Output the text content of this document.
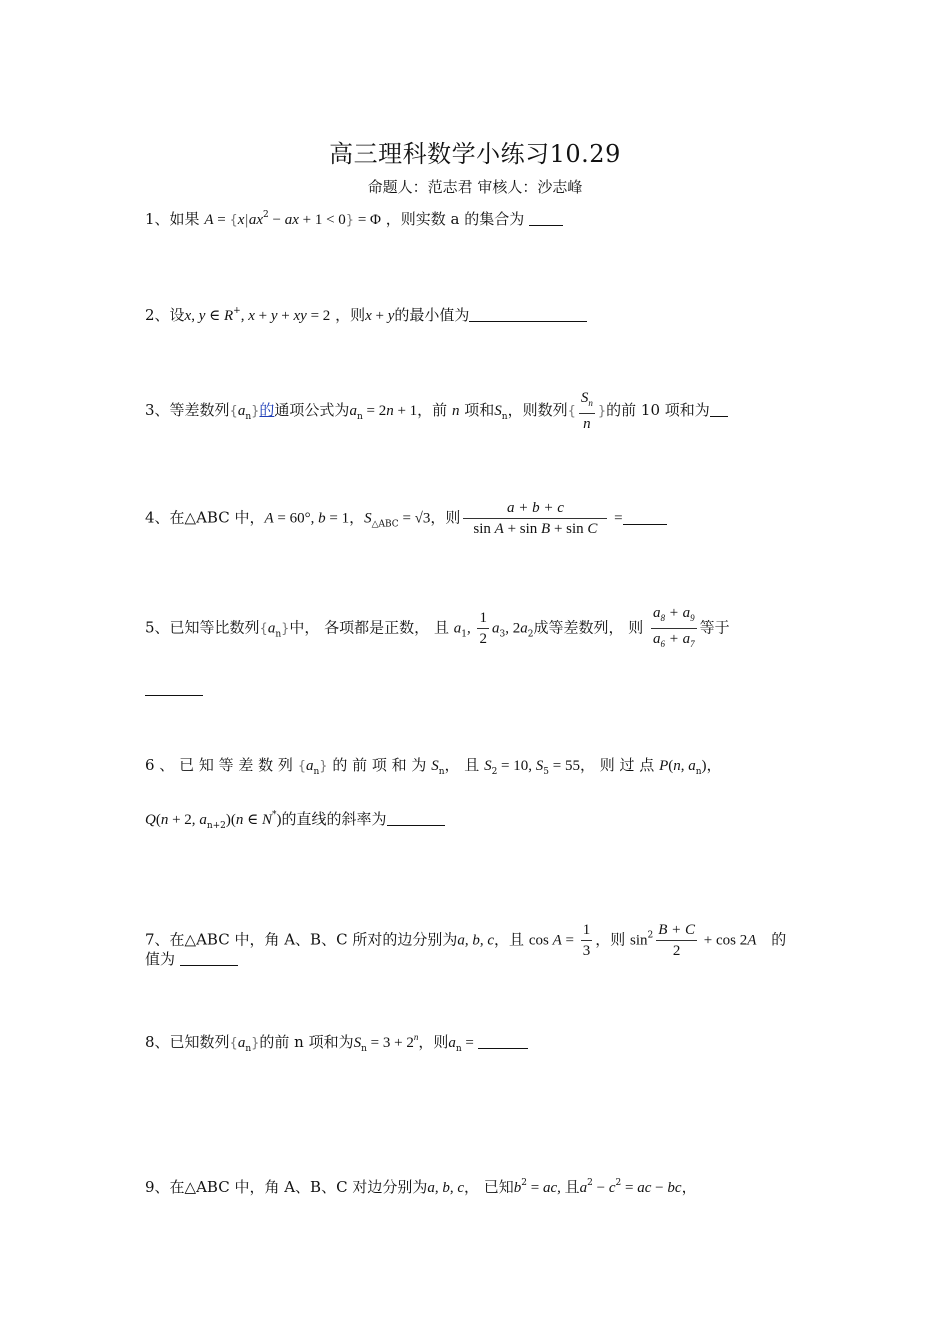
高三理科数学小练习10.29
命题人：范志君 审核人：沙志峰
1、如果 $A = \{x|ax^2$ − ax + 1 < 0} = Φ ，则实数 a 的集合为
2、设x, y ∈ R+, x + y + xy = 2 ，则x + y的最小值为
3、等差数列$\{a_n\}$的通项公式为$a_n = 2n + 1$，前 n 项和$S_n$，则数列{ $\frac{S_n}{n}$ }的前 10 项和为
4、在△ABC 中，A = 60°, b = 1，$S_{\triangle ABC} = √3$，则 $\frac{a + b + c}{\text{sin A + sin B + sin C}}$ =
5、已知等比数列$\{a_n\}$中， 各项都是正数， 且 $a_1$, $\frac{1}{2} a_3$, $2a_2$成等差数列， 则 $\frac{a_8 + a_9}{a_6 + a_7}$ 等于
6 、 已 知 等 差 数 列 $\{a_n\}$ 的 前 项 和 为 $S_n$， 且 $S_2 = 10$, $S_5 = 55$， 则 过 点 P(n, $a_n$)，
Q(n + 2, $a_{n+2})(n$ ∈ N*)的直线的斜率为
7、在△ABC 中，角 A、B、C 所对的边分别为a, b, c，且 $\cos A = \frac{1}{3}$ ，则 $\sin^2 \frac{B + C}{2} + \cos 2A$ 的
值为
8、已知数列$\{a_n\}$的前 n 项和为$S_n = 3 + 2^n$，则$a_n$ =
9、在△ABC 中，角 A、B、C 对边分别为a, b, c， 已知$b^2$ = ac, 且$a^2 - c^2$ = ac − bc，
